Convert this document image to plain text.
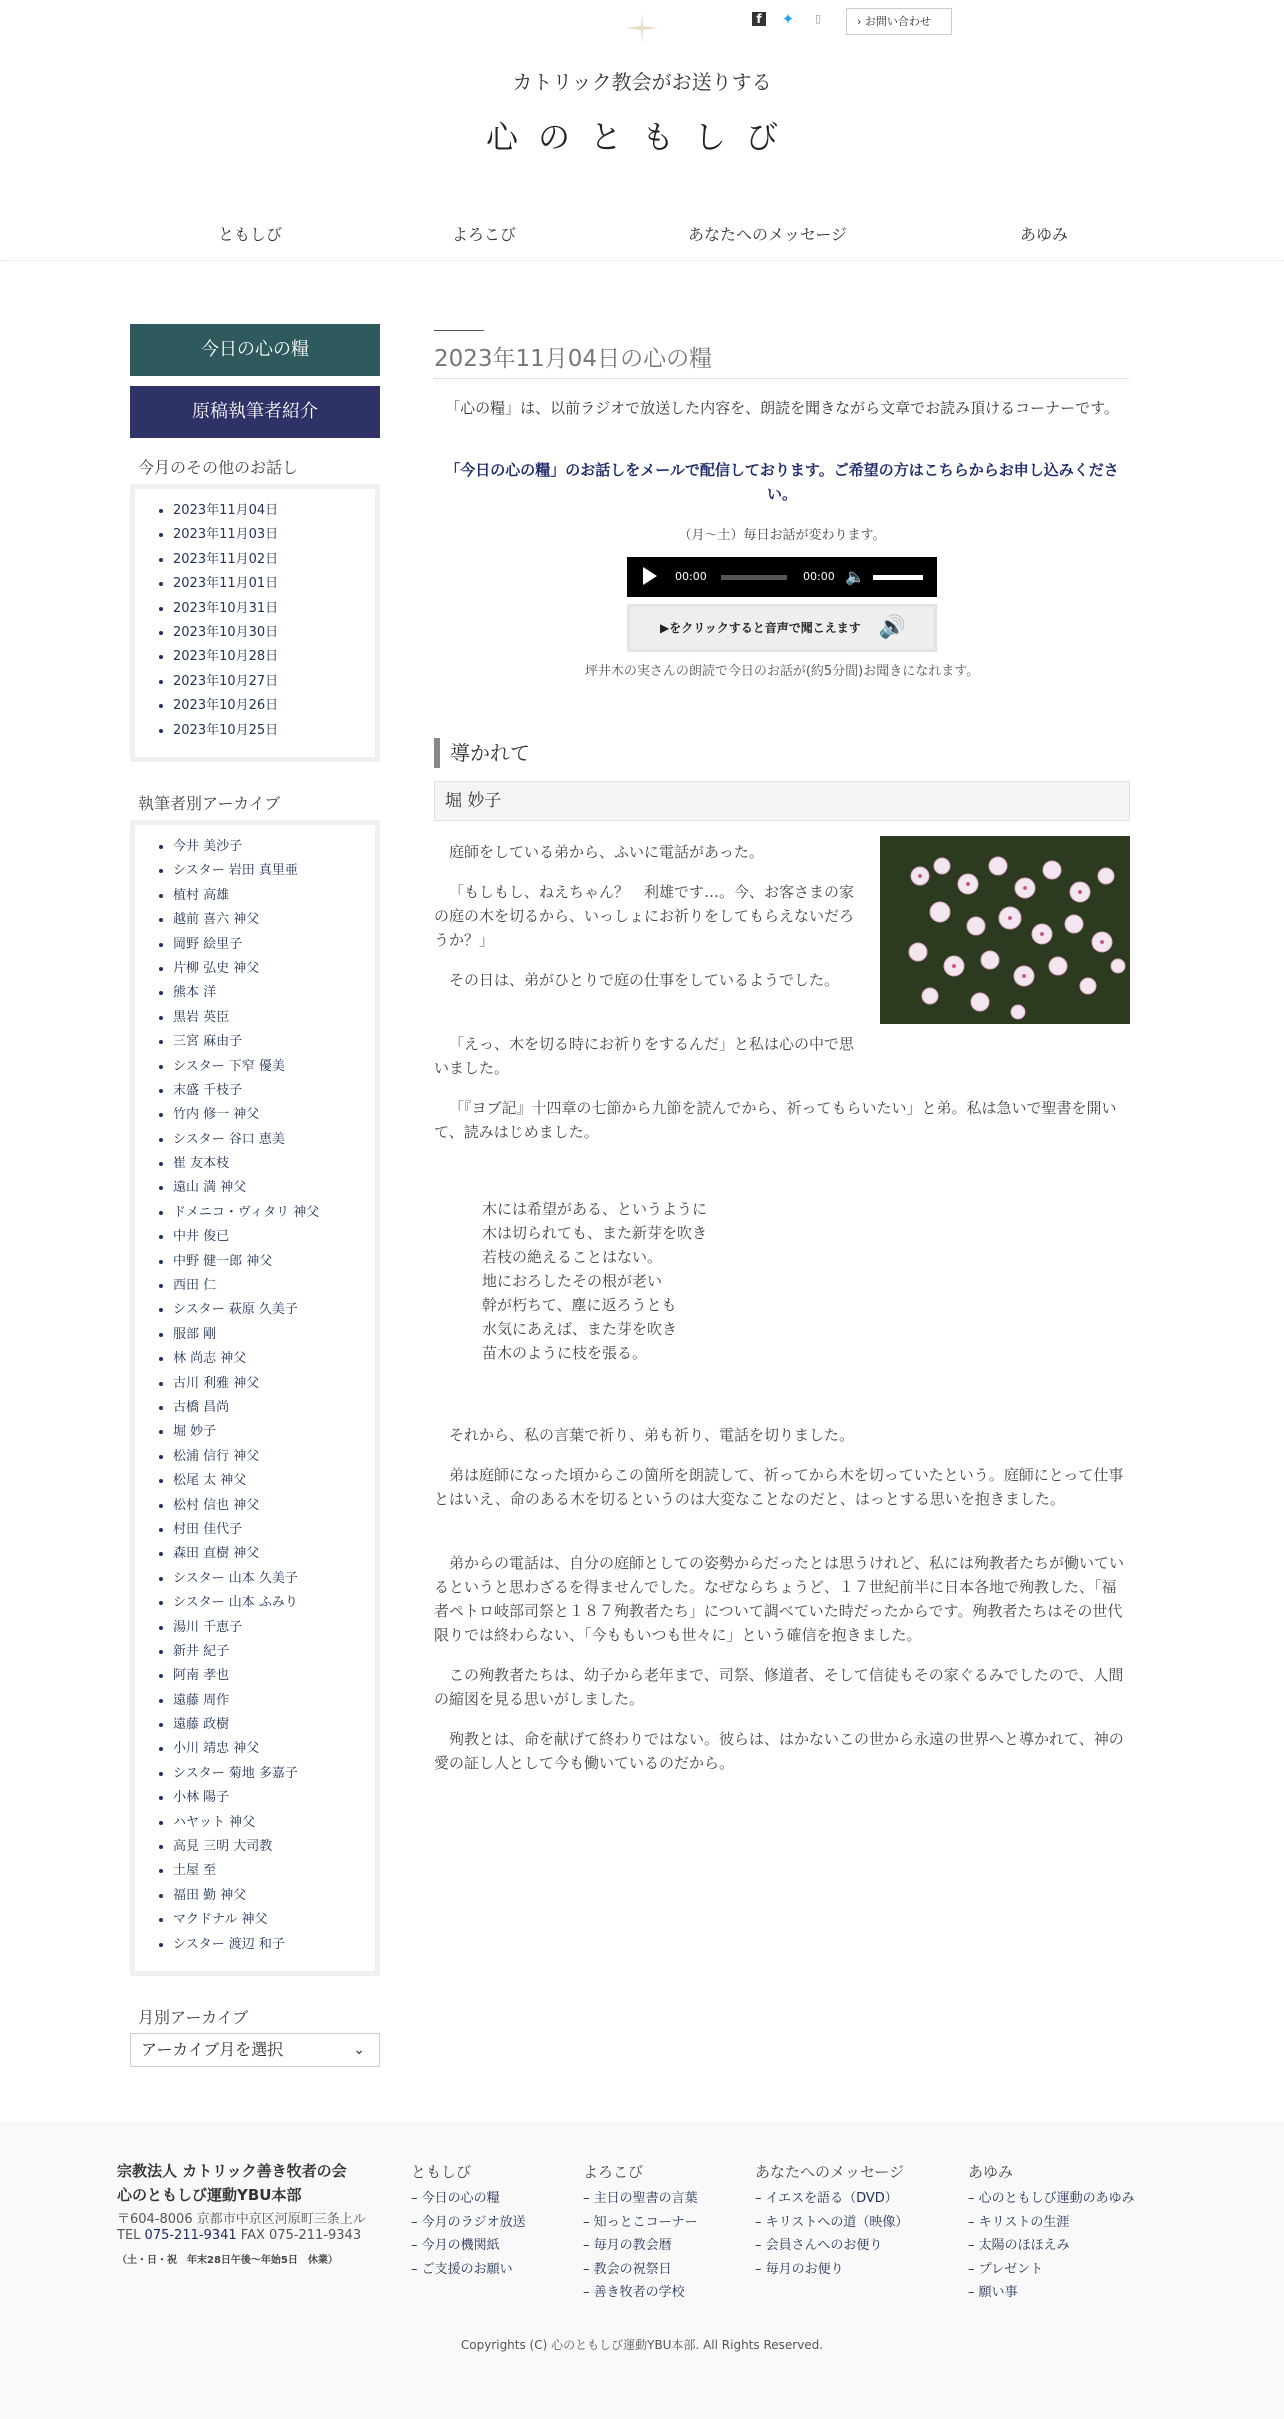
f ✦	▯	› お問い合わせ
カトリック教会がお送りする
心のともしび
ともしび	よろこび	あなたへのメッセージ	あゆみ
今日の心の糧
原稿執筆者紹介
今月のその他のお話し
• 2023年11月04日
• 2023年11月03日
• 2023年11月02日
• 2023年11月01日
• 2023年10月31日
• 2023年10月30日
• 2023年10月28日
• 2023年10月27日
• 2023年10月26日
• 2023年10月25日
執筆者別アーカイブ
• 今井 美沙子
• シスター 岩田 真里亜
• 植村 高雄
• 越前 喜六 神父
• 岡野 絵里子
• 片柳 弘史 神父
• 熊本 洋
• 黒岩 英臣
• 三宮 麻由子
• シスター 下窄 優美
• 末盛 千枝子
• 竹内 修一 神父
• シスター 谷口 恵美
• 崔 友本枝
• 遠山 満 神父
• ドメニコ・ヴィタリ 神父
• 中井 俊已
• 中野 健一郎 神父
• 西田 仁
• シスター 萩原 久美子
• 服部 剛
• 林 尚志 神父
• 古川 利雅 神父
• 古橋 昌尚
• 堀 妙子
• 松浦 信行 神父
• 松尾 太 神父
• 松村 信也 神父
• 村田 佳代子
• 森田 直樹 神父
• シスター 山本 久美子
• シスター 山本 ふみり
• 湯川 千恵子
• 新井 紀子
• 阿南 孝也
• 遠藤 周作
• 遠藤 政樹
• 小川 靖忠 神父
• シスター 菊地 多嘉子
• 小林 陽子
• ハヤット 神父
• 高見 三明 大司教
• 土屋 至
• 福田 勤 神父
• マクドナル 神父
• シスター 渡辺 和子
月別アーカイブ
アーカイブ月を選択	⌄
2023年11月04日の心の糧
「心の糧」は、以前ラジオで放送した内容を、朗読を聞きながら文章でお読み頂けるコーナーです。
「今日の心の糧」のお話しをメールで配信しております。ご希望の方はこちらからお申し込みください。
（月〜土）毎日お話が変わります。
00:00	00:00 🔈
▶をクリックすると音声で聞こえます 🔊
坪井木の実さんの朗読で今日のお話が(約5分間)お聞きになれます。
導かれて
堀 妙子

庭師をしている弟から、ふいに電話があった。

「もしもし、ねえちゃん？　利雄です…。今、お客さまの家の庭の木を切るから、いっしょにお祈りをしてもらえないだろうか？」

その日は、弟がひとりで庭の仕事をしているようでした。

「えっ、木を切る時にお祈りをするんだ」と私は心の中で思いました。

「『ヨブ記』十四章の七節から九節を読んでから、祈ってもらいたい」と弟。私は急いで聖書を開いて、読みはじめました。

木には希望がある、というように
木は切られても、また新芽を吹き
若枝の絶えることはない。
地におろしたその根が老い
幹が朽ちて、塵に返ろうとも
水気にあえば、また芽を吹き
苗木のように枝を張る。

それから、私の言葉で祈り、弟も祈り、電話を切りました。

弟は庭師になった頃からこの箇所を朗読して、祈ってから木を切っていたという。庭師にとって仕事とはいえ、命のある木を切るというのは大変なことなのだと、はっとする思いを抱きました。

弟からの電話は、自分の庭師としての姿勢からだったとは思うけれど、私には殉教者たちが働いているというと思わざるを得ませんでした。なぜならちょうど、１７世紀前半に日本各地で殉教した、「福者ペトロ岐部司祭と１８７殉教者たち」について調べていた時だったからです。殉教者たちはその世代限りでは終わらない、「今ももいつも世々に」という確信を抱きました。

この殉教者たちは、幼子から老年まで、司祭、修道者、そして信徒もその家ぐるみでしたので、人間の縮図を見る思いがしました。

殉教とは、命を献げて終わりではない。彼らは、はかないこの世から永遠の世界へと導かれて、神の愛の証し人として今も働いているのだから。

宗教法人 カトリック善き牧者の会
心のともしび運動YBU本部
〒604-8006 京都市中京区河原町三条上ル
TEL 075-211-9341 FAX 075-211-9343
（土・日・祝　年末28日午後〜年始5日　休業）
ともしび
– 今日の心の糧
– 今月のラジオ放送
– 今月の機関紙
– ご支援のお願い
よろこび
– 主日の聖書の言葉
– 知っとこコーナー
– 毎月の教会暦
– 教会の祝祭日
– 善き牧者の学校
あなたへのメッセージ
– イエスを語る（DVD）
– キリストへの道（映像）
– 会員さんへのお便り
– 毎月のお便り
あゆみ
– 心のともしび運動のあゆみ
– キリストの生涯
– 太陽のほほえみ
– プレゼント
– 願い事
Copyrights (C) 心のともしび運動YBU本部. All Rights Reserved.
